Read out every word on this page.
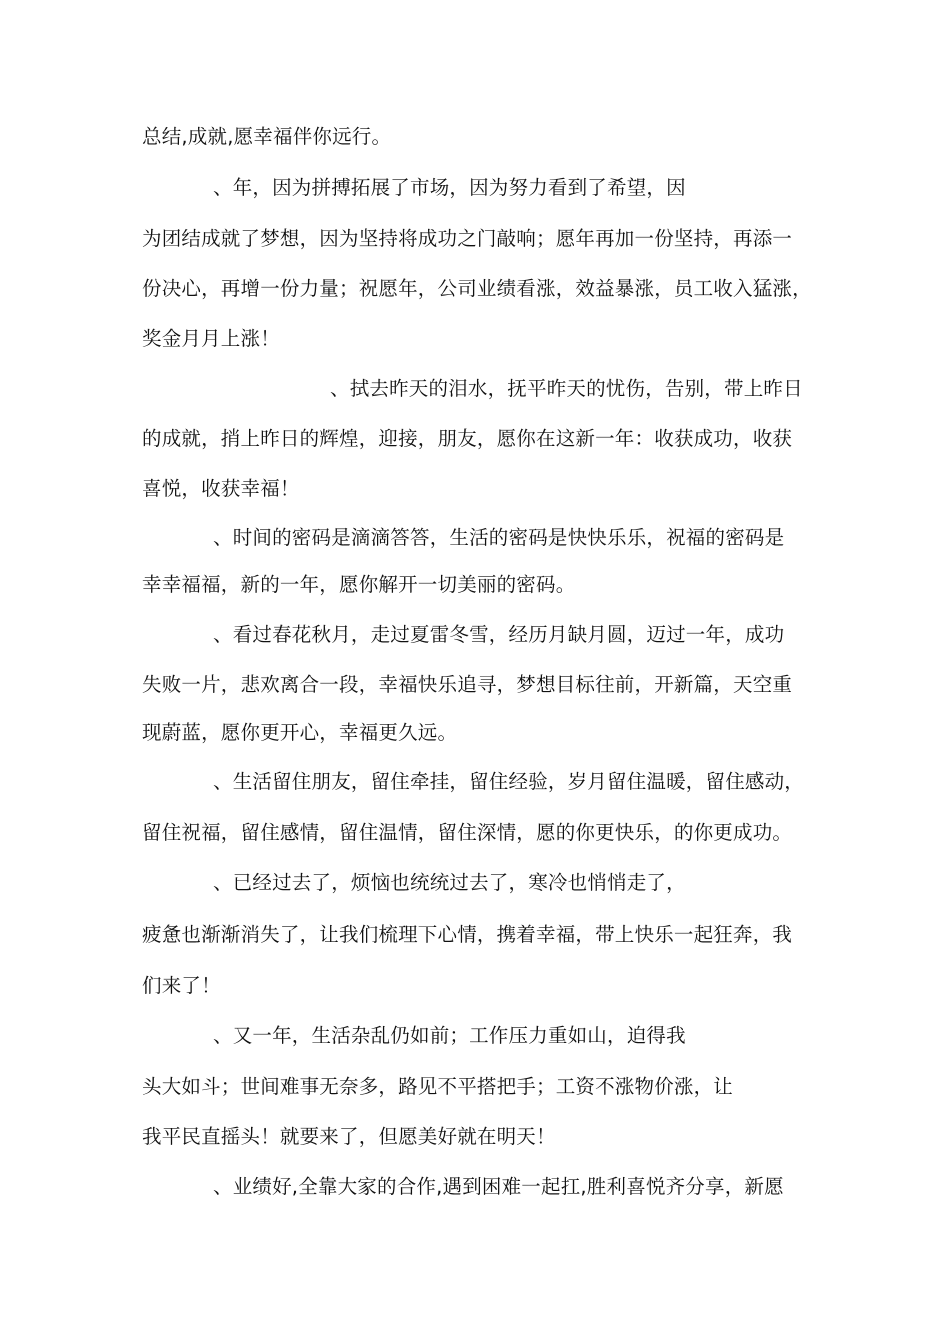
总结,成就,愿幸福伴你远行。
、年，因为拼搏拓展了市场，因为努力看到了希望，因
为团结成就了梦想，因为坚持将成功之门敲响；愿年再加一份坚持，再添一
份决心，再增一份力量；祝愿年，公司业绩看涨，效益暴涨，员工收入猛涨，
奖金月月上涨！
、拭去昨天的泪水，抚平昨天的忧伤，告别，带上昨日
的成就，捎上昨日的辉煌，迎接，朋友，愿你在这新一年：收获成功，收获
喜悦，收获幸福！
、时间的密码是滴滴答答，生活的密码是快快乐乐，祝福的密码是
幸幸福福，新的一年，愿你解开一切美丽的密码。
、看过春花秋月，走过夏雷冬雪，经历月缺月圆，迈过一年，成功
失败一片，悲欢离合一段，幸福快乐追寻，梦想目标往前，开新篇，天空重
现蔚蓝，愿你更开心，幸福更久远。
、生活留住朋友，留住牵挂，留住经验，岁月留住温暖，留住感动，
留住祝福，留住感情，留住温情，留住深情，愿的你更快乐，的你更成功。
、已经过去了，烦恼也统统过去了，寒冷也悄悄走了，
疲惫也渐渐消失了，让我们梳理下心情，携着幸福，带上快乐一起狂奔，我
们来了！
、又一年，生活杂乱仍如前；工作压力重如山，迫得我
头大如斗；世间难事无奈多，路见不平搭把手；工资不涨物价涨，让
我平民直摇头！就要来了，但愿美好就在明天！
、业绩好,全靠大家的合作,遇到困难一起扛,胜利喜悦齐分享，新愿
